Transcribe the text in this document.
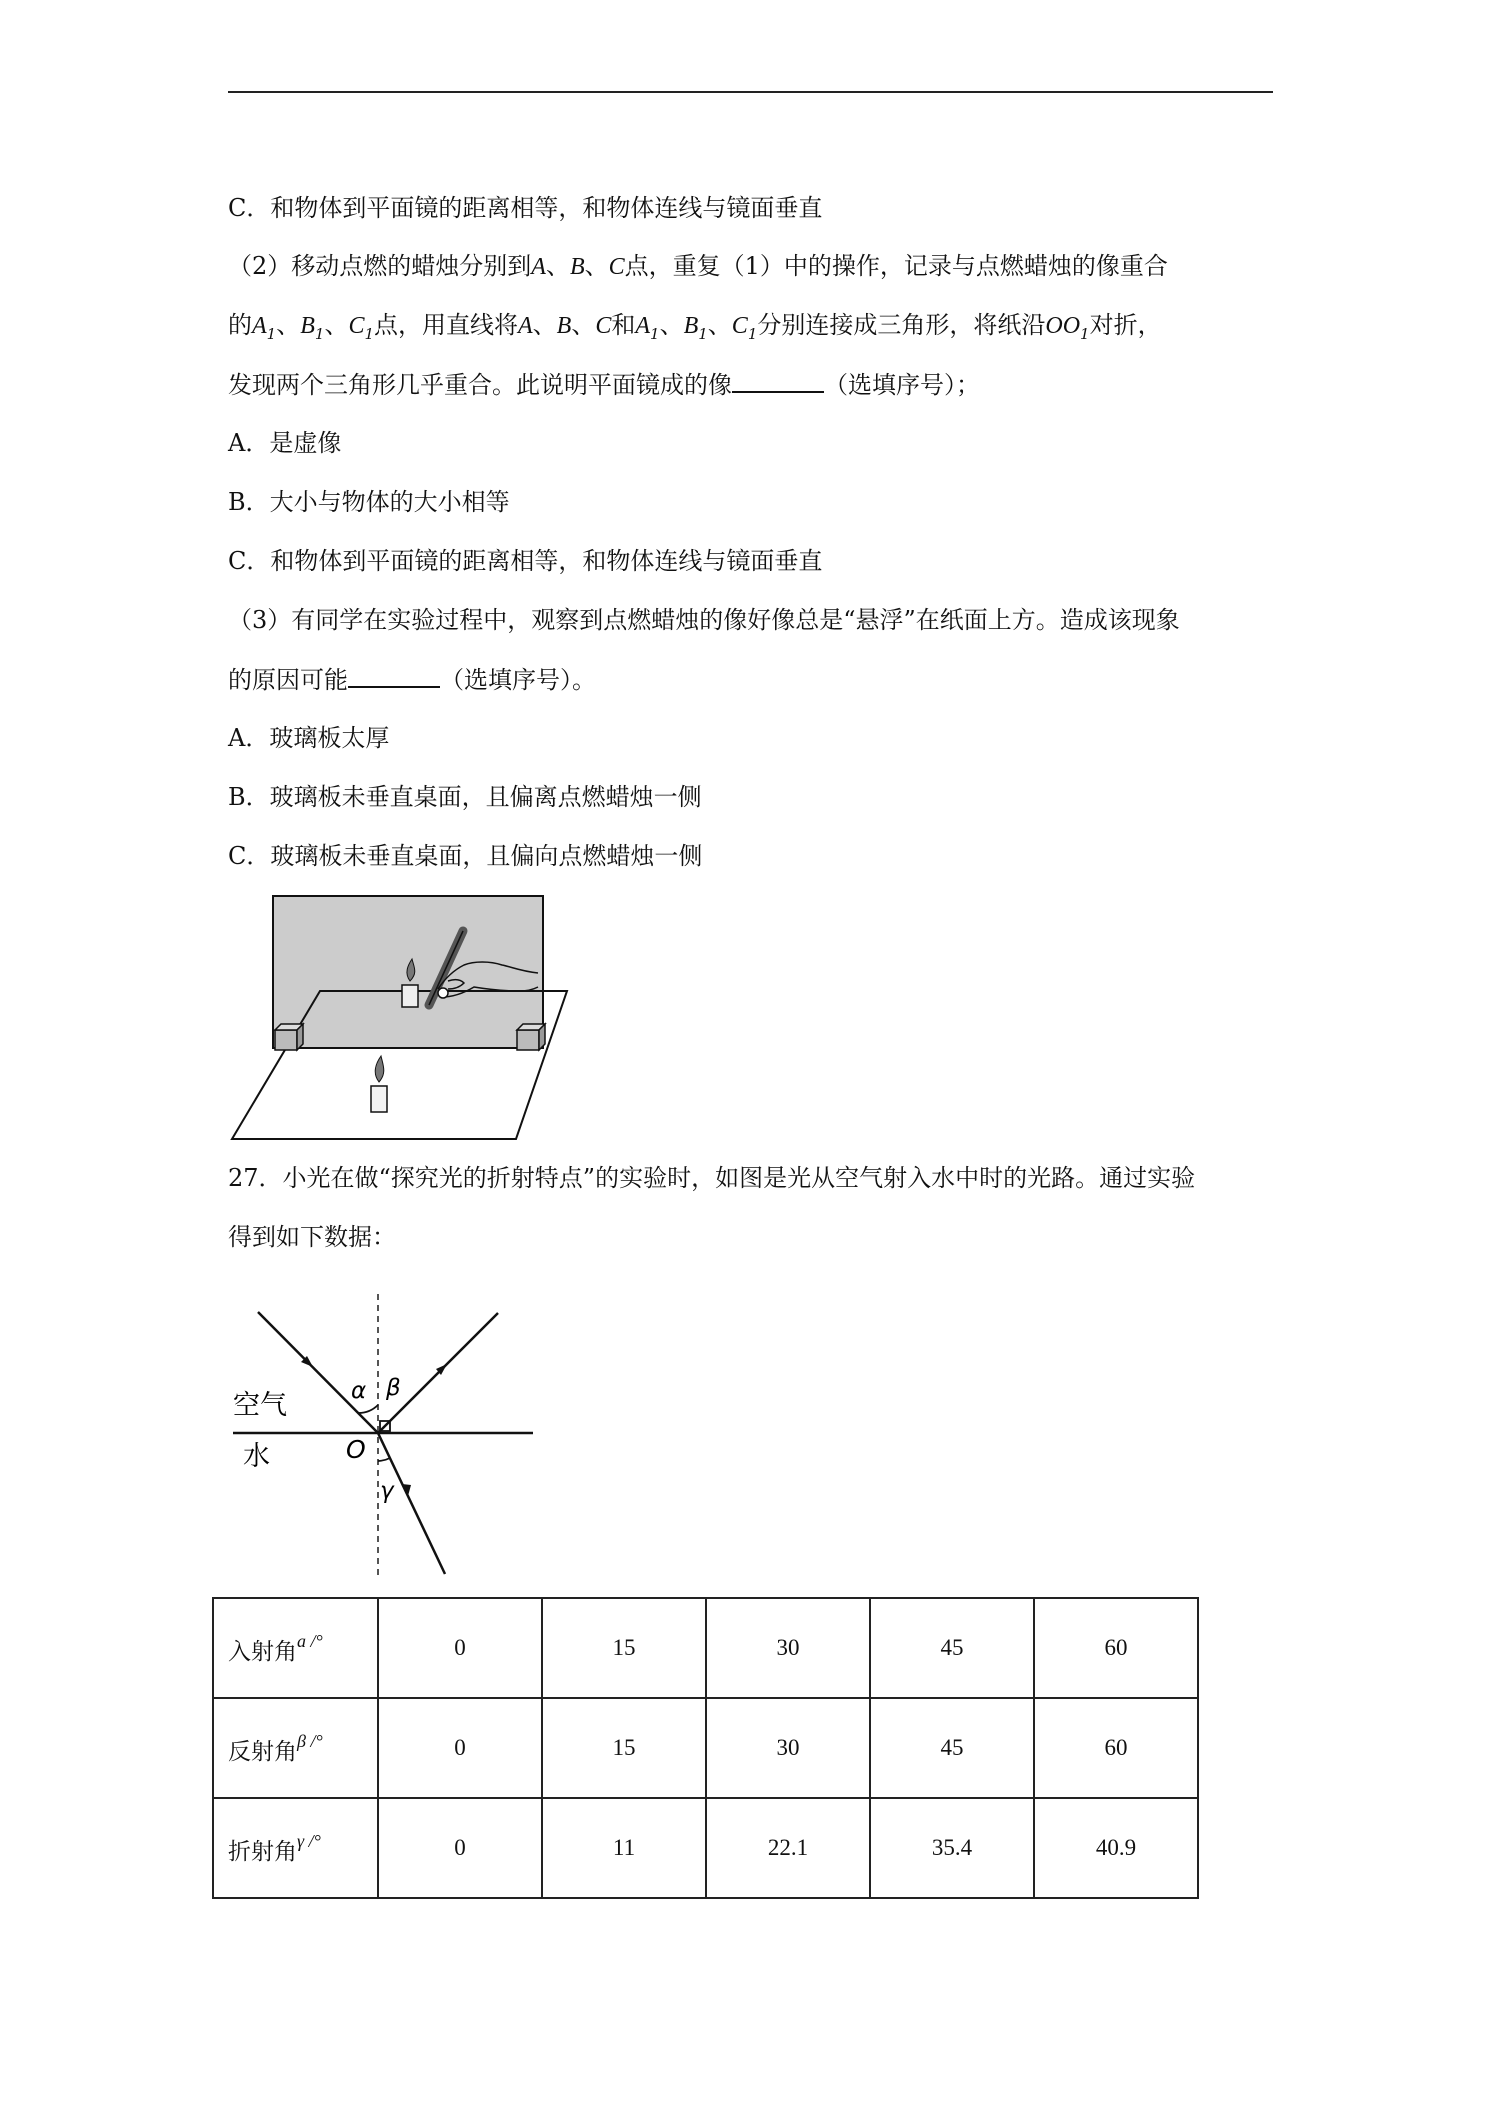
C．和物体到平面镜的距离相等，和物体连线与镜面垂直
（2）移动点燃的蜡烛分别到A、B、C点，重复（1）中的操作，记录与点燃蜡烛的像重合
的$A_1$、$B_1$、$C_1$点，用直线将A、B、C和$A_1$、$B_1$、$C_1$分别连接成三角形，将纸沿$OO_1$对折，
发现两个三角形几乎重合。此说明平面镜成的像	（选填序号）；
A．是虚像
B．大小与物体的大小相等
C．和物体到平面镜的距离相等，和物体连线与镜面垂直
（3）有同学在实验过程中，观察到点燃蜡烛的像好像总是“悬浮”在纸面上方。造成该现象
的原因可能	（选填序号）。
A．玻璃板太厚
B．玻璃板未垂直桌面，且偏离点燃蜡烛一侧
C．玻璃板未垂直桌面，且偏向点燃蜡烛一侧
27．小光在做“探究光的折射特点”的实验时，如图是光从空气射入水中时的光路。通过实验
得到如下数据：
空气
水
α β
O
γ
入射角$^{a /^\circ}$	0	15	30	45	60
反射角$^{\beta /^\circ}$	0	15	30	45	60
折射角$^{\gamma /^\circ}$	0	11	22.1	35.4	40.9
